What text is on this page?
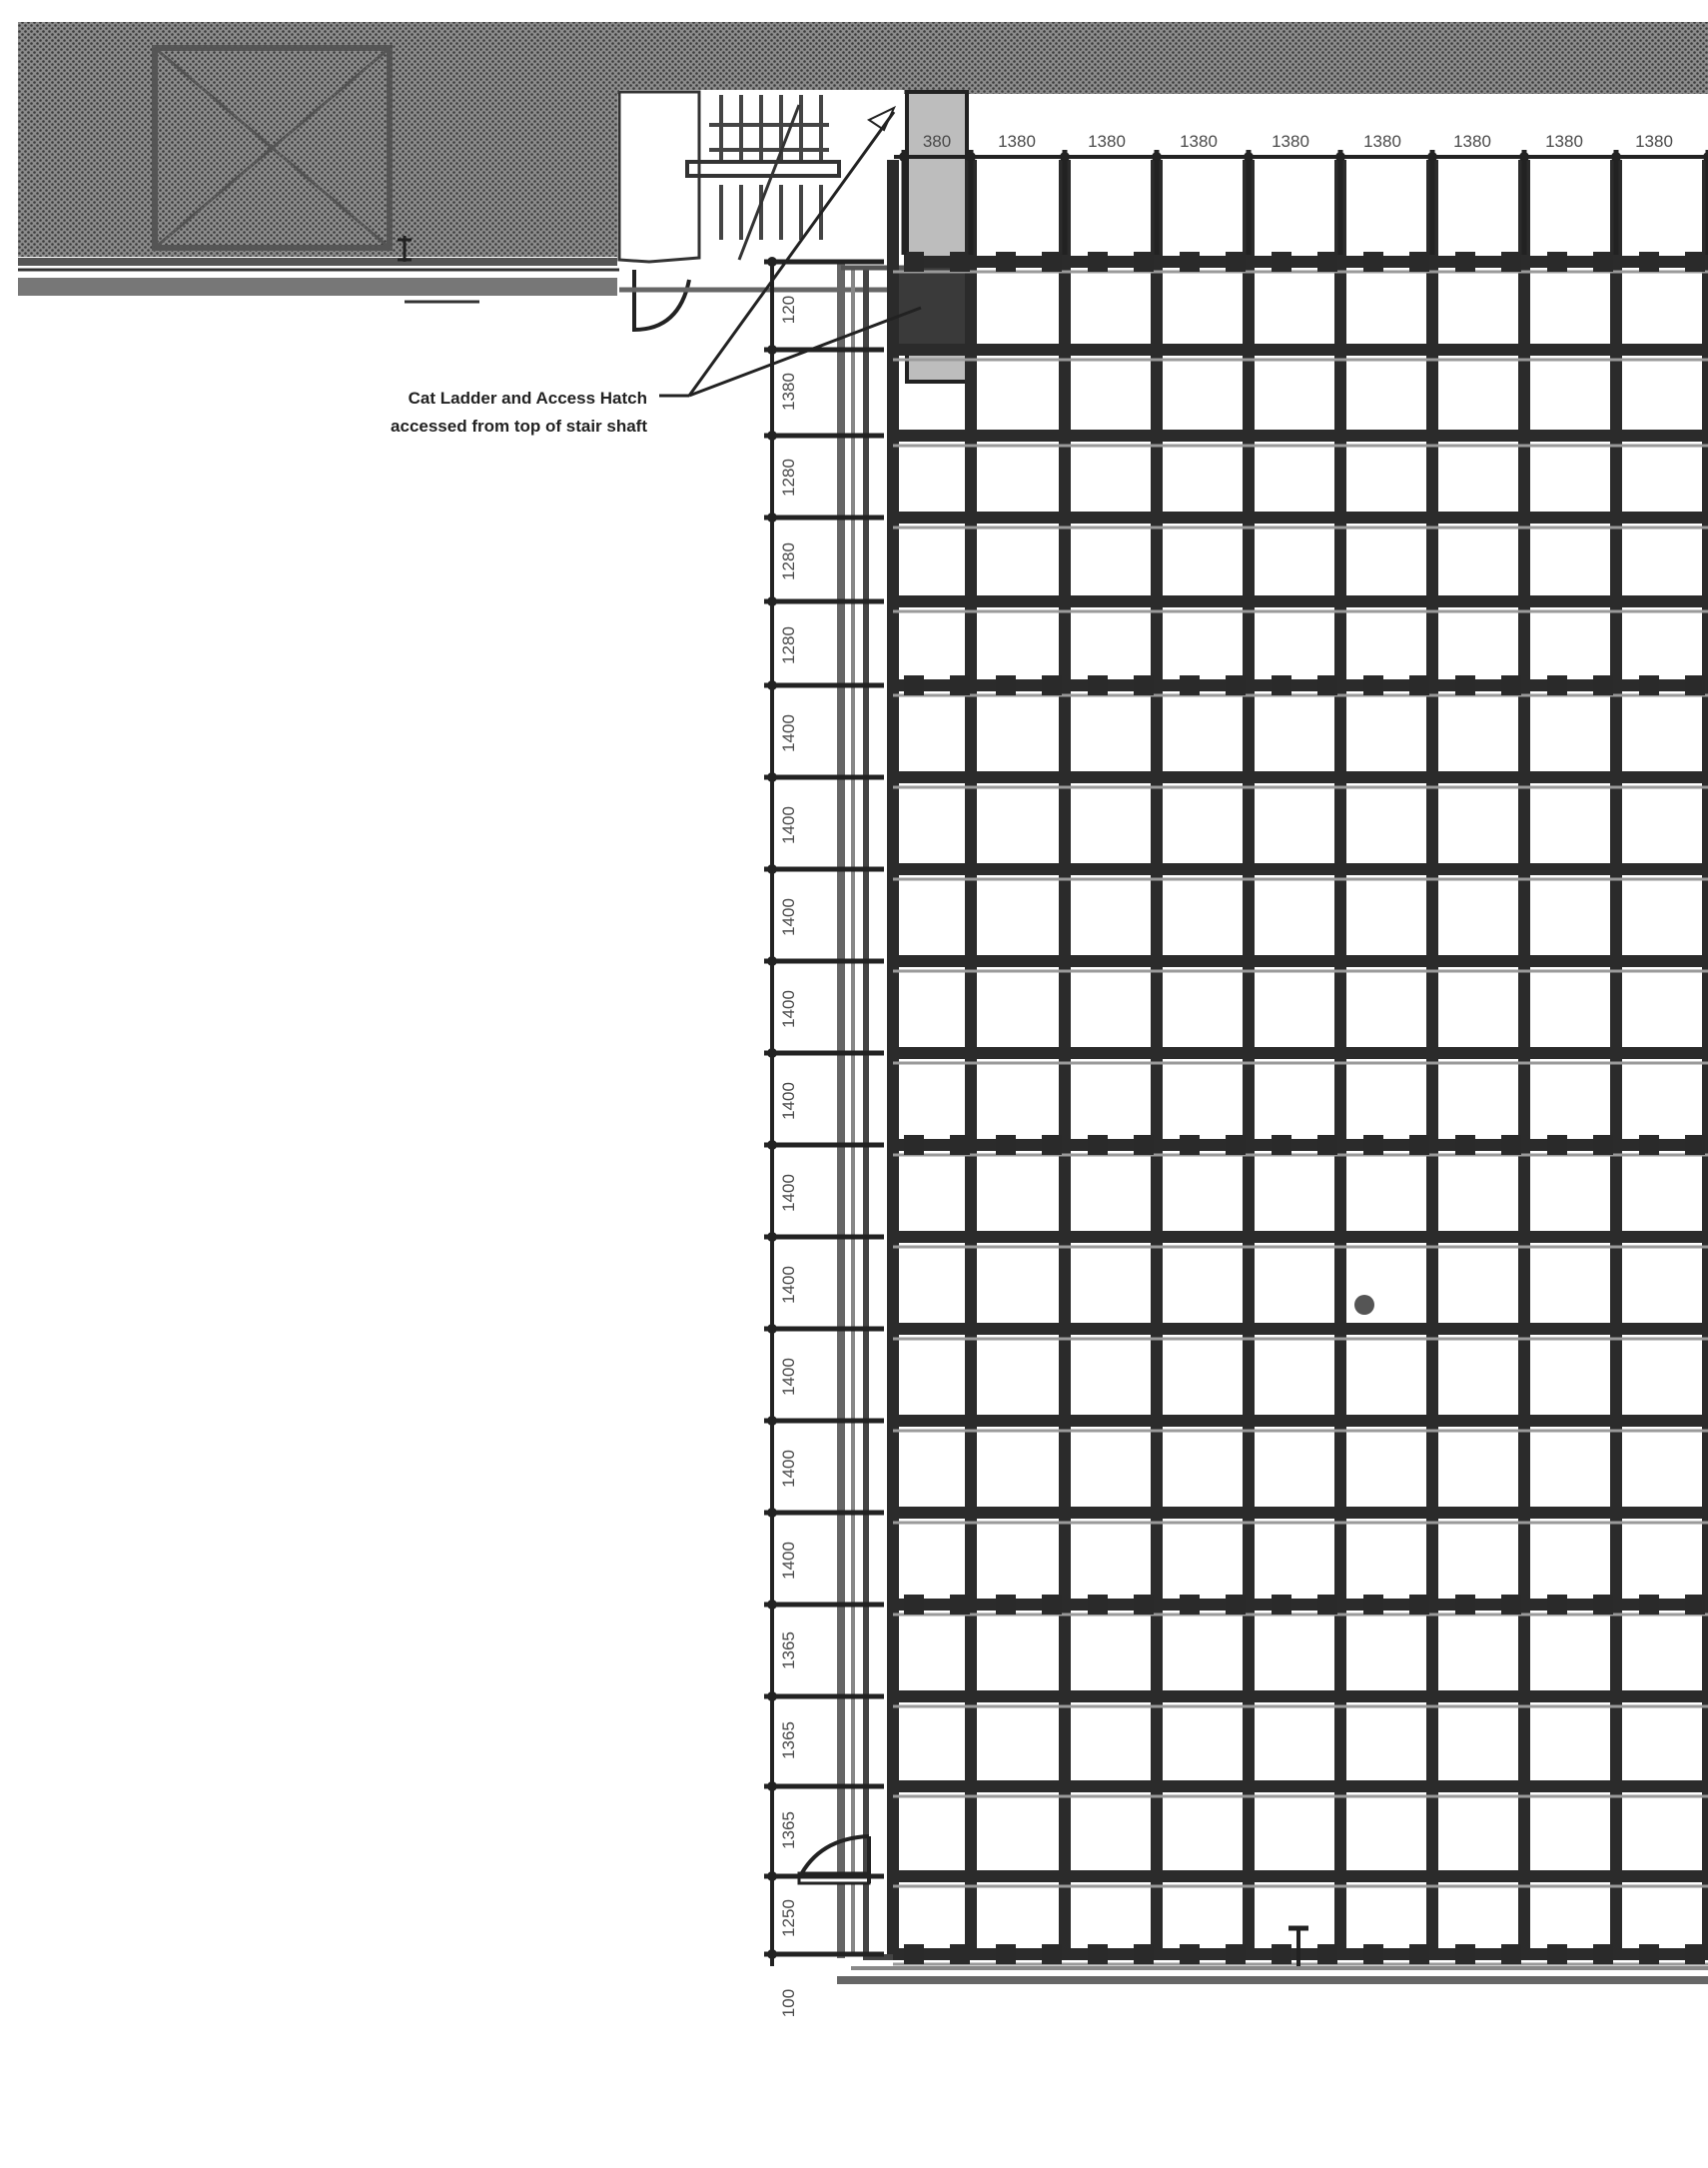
380	1380	1380	1380	1380	1380	1380	1380	1380
120
1380
1280
1280
1280
1400
1400
1400
1400
1400
1400
1400
1400
1400
1400
1365
1365
1365
1250
100
Cat Ladder and Access Hatch
accessed from top of stair shaft
